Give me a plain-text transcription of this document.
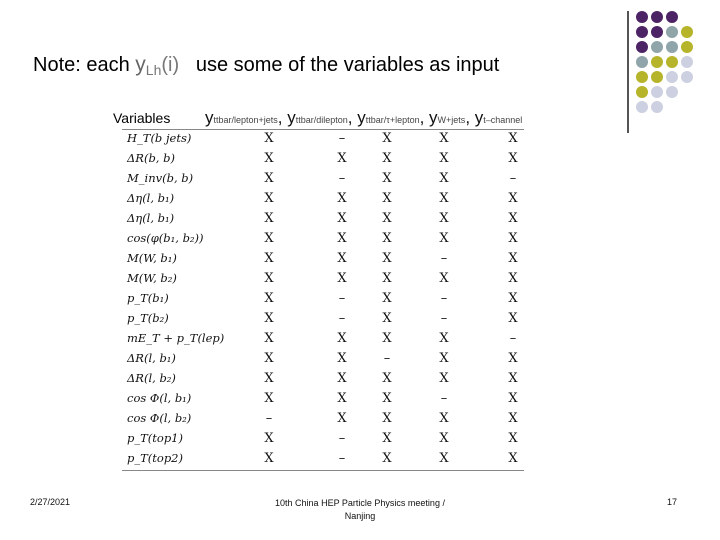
Note: each $y_{Lh}(i)$ use some of the variables as input
Variables yttbar/lepton+jets, yttbar/dilepton, yttbar/τ+lepton, yW+jets, yt–channel
H_T(b jets)	X	–	X	X	X
ΔR(b, b)	X	X	X	X	X
M_inv(b, b)	X	–	X	X	–
Δη(l, b₁)	X	X	X	X	X
Δη(l, b₁)	X	X	X	X	X
cos(φ(b₁, b₂))	X	X	X	X	X
M(W, b₁)	X	X	X	–	X
M(W, b₂)	X	X	X	X	X
p_T(b₁)	X	–	X	–	X
p_T(b₂)	X	–	X	–	X
mE_T + p_T(lep)	X	X	X	X	–
ΔR(l, b₁)	X	X	–	X	X
ΔR(l, b₂)	X	X	X	X	X
cos Φ(l, b₁)	X	X	X	–	X
cos Φ(l, b₂)	–	X	X	X	X
p_T(top1)	X	–	X	X	X
p_T(top2)	X	–	X	X	X
2/27/2021	10th China HEP Particle Physics meeting /
Nanjing
17
